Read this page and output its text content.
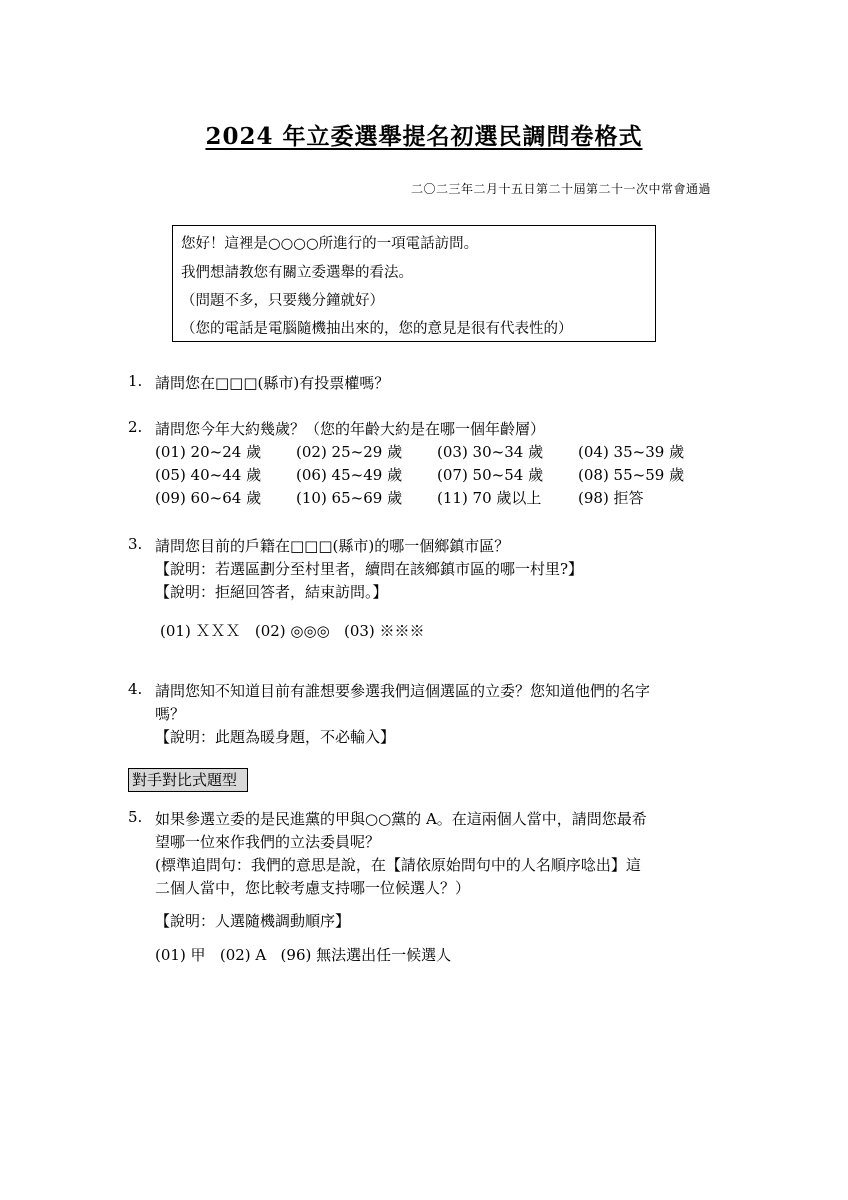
2024 年立委選舉提名初選民調問卷格式
二〇二三年二月十五日第二十屆第二十一次中常會通過
您好！這裡是○○○○所進行的一項電話訪問。
我們想請教您有關立委選舉的看法。
（問題不多，只要幾分鐘就好）
（您的電話是電腦隨機抽出來的，您的意見是很有代表性的）
1. 請問您在□□□(縣市)有投票權嗎？
2. 請問您今年大約幾歲？（您的年齡大約是在哪一個年齡層）
(01) 20~24 歲 (02) 25~29 歲 (03) 30~34 歲 (04) 35~39 歲
(05) 40~44 歲 (06) 45~49 歲 (07) 50~54 歲 (08) 55~59 歲
(09) 60~64 歲 (10) 65~69 歲 (11) 70 歲以上 (98) 拒答
3. 請問您目前的戶籍在□□□(縣市)的哪一個鄉鎮市區？
【說明：若選區劃分至村里者，續問在該鄉鎮市區的哪一村里?】
【說明：拒絕回答者，結束訪問。】
(01) ＸＸＸ   (02) ◎◎◎   (03) ※※※
4. 請問您知不知道目前有誰想要參選我們這個選區的立委？您知道他們的名字
嗎？
【說明：此題為暖身題，不必輸入】
對手對比式題型
5. 如果參選立委的是民進黨的甲與○○黨的 A。在這兩個人當中，請問您最希
望哪一位來作我們的立法委員呢？
(標準追問句：我們的意思是說，在【請依原始問句中的人名順序唸出】這
二個人當中，您比較考慮支持哪一位候選人？）
【說明：人選隨機調動順序】
(01) 甲   (02) A   (96) 無法選出任一候選人
